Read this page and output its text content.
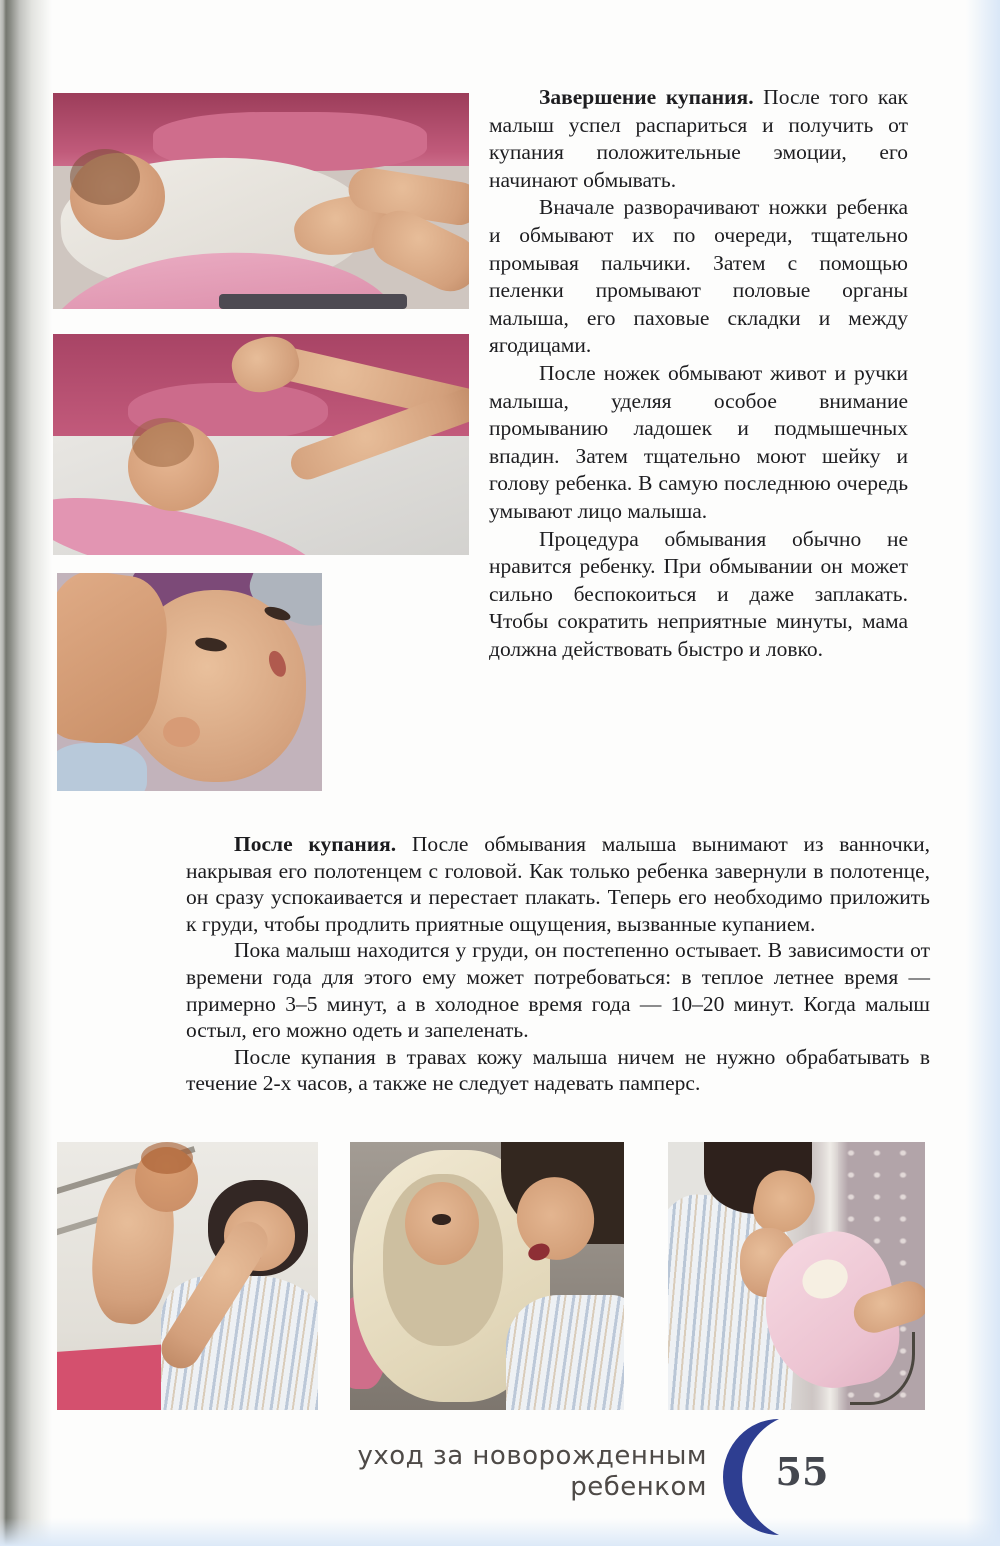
Завершение купания. После того как малыш успел распариться и получить от купания положительные эмоции, его начинают обмывать.

Вначале разворачивают ножки ребенка и обмывают их по очереди, тщательно промывая пальчики. Затем с помощью пеленки промывают половые органы малыша, его паховые складки и между ягодицами.

После ножек обмывают живот и ручки малыша, уделяя особое внимание промыванию ладошек и подмышечных впадин. Затем тщательно моют шейку и голову ребенка. В самую последнюю очередь умывают лицо малыша.

Процедура обмывания обычно не нравится ребенку. При обмывании он может сильно беспокоиться и даже заплакать. Чтобы сократить неприятные минуты, мама должна действовать быстро и ловко.

После купания. После обмывания малыша вынимают из ванночки, накрывая его полотенцем с головой. Как только ребенка завернули в полотенце, он сразу успокаивается и перестает плакать. Теперь его необходимо приложить к груди, чтобы продлить приятные ощущения, вызванные купанием.

Пока малыш находится у груди, он постепенно остывает. В зависимости от времени года для этого ему может потребоваться: в теплое летнее время — примерно 3–5 минут, а в холодное время года — 10–20 минут. Когда малыш остыл, его можно одеть и запеленать.

После купания в травах кожу малыша ничем не нужно обрабатывать в течение 2-х часов, а также не следует надевать памперс.

уход за новорожденным
ребенком 55
